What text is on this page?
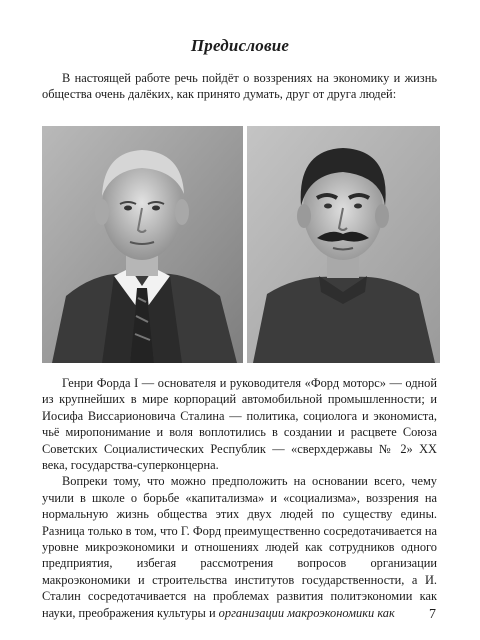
Предисловие

В настоящей работе речь пойдёт о воззрениях на экономику и жизнь общества очень далёких, как принято думать, друг от друга людей:

Генри Форда I — основателя и руководителя «Форд моторс» — одной из крупнейших в мире корпораций автомобильной промышленности; и Иосифа Виссарионовича Сталина — политика, социолога и экономиста, чьё миропонимание и воля воплотились в создании и расцвете Союза Советских Социалистических Республик — «сверхдержавы № 2» XX века, государства-суперконцерна.

Вопреки тому, что можно предположить на основании всего, чему учили в школе о борьбе «капитализма» и «социализма», воззрения на нормальную жизнь общества этих двух людей по существу едины. Разница только в том, что Г. Форд преимущественно сосредотачивается на уровне микроэкономики и отношениях людей как сотрудников одного предприятия, избегая рассмотрения вопросов организации макроэкономики и строительства институтов государственности, а И. Сталин сосредотачивается на проблемах развития политэкономии как науки, преображения культуры и организации макроэкономики как	7
